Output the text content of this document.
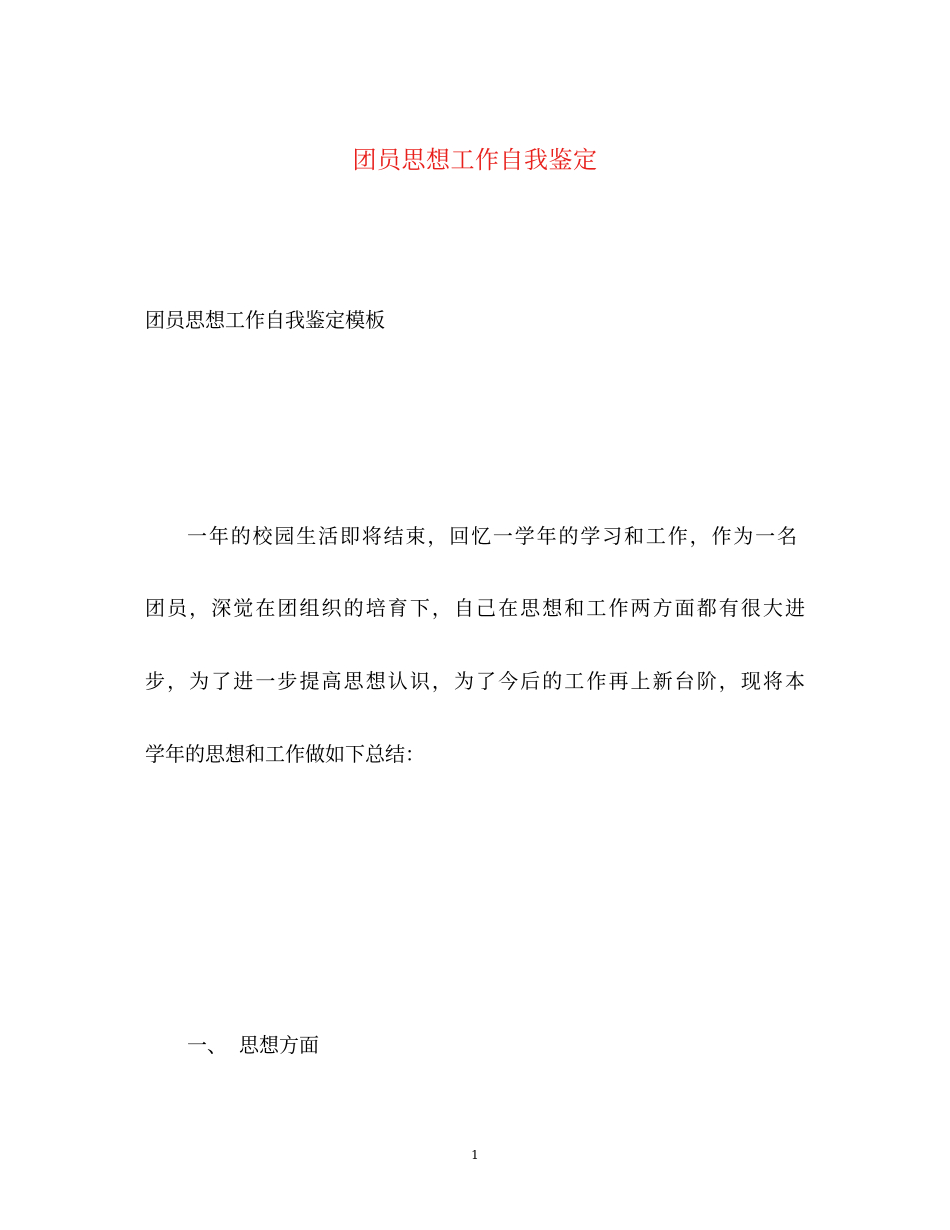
团员思想工作自我鉴定
团员思想工作自我鉴定模板
一年的校园生活即将结束，回忆一学年的学习和工作，作为一名
团员，深觉在团组织的培育下，自己在思想和工作两方面都有很大进
步，为了进一步提高思想认识，为了今后的工作再上新台阶，现将本
学年的思想和工作做如下总结：
一、 思想方面
1
